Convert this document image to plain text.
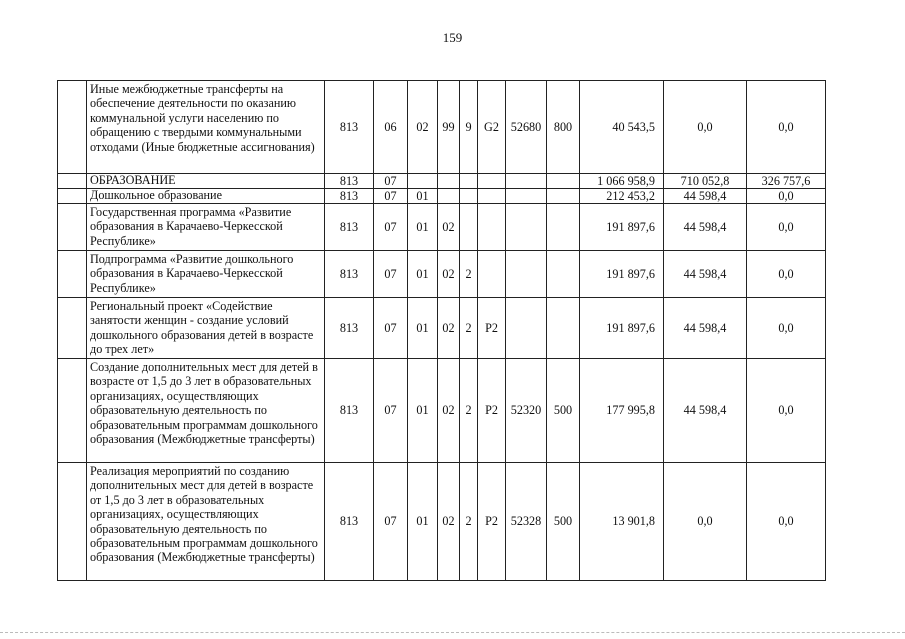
159
	Иные межбюджетные трансферты на обеспечение деятельности по оказанию коммунальной услуги населению по обращению с твердыми коммунальными отходами (Иные бюджетные ассигнования)	813	06	02	99	9	G2	52680	800	40 543,5	0,0	0,0
	ОБРАЗОВАНИЕ	813	07							1 066 958,9	710 052,8	326 757,6
	Дошкольное образование	813	07	01						212 453,2	44 598,4	0,0
	Государственная программа «Развитие образования в Карачаево-Черкесской Республике»	813	07	01	02					191 897,6	44 598,4	0,0
	Подпрограмма «Развитие дошкольного образования в Карачаево-Черкесской Республике»	813	07	01	02	2				191 897,6	44 598,4	0,0
	Региональный проект «Содействие занятости женщин - создание условий дошкольного образования детей в возрасте до трех лет»	813	07	01	02	2	P2			191 897,6	44 598,4	0,0
	Создание дополнительных мест для детей в возрасте от 1,5 до 3 лет в образовательных организациях, осуществляющих образовательную деятельность по образовательным программам дошкольного образования (Межбюджетные трансферты)	813	07	01	02	2	P2	52320	500	177 995,8	44 598,4	0,0
	Реализация мероприятий по созданию дополнительных мест для детей в возрасте от 1,5 до 3 лет в образовательных организациях, осуществляющих образовательную деятельность по образовательным программам дошкольного образования (Межбюджетные трансферты)	813	07	01	02	2	P2	52328	500	13 901,8	0,0	0,0
